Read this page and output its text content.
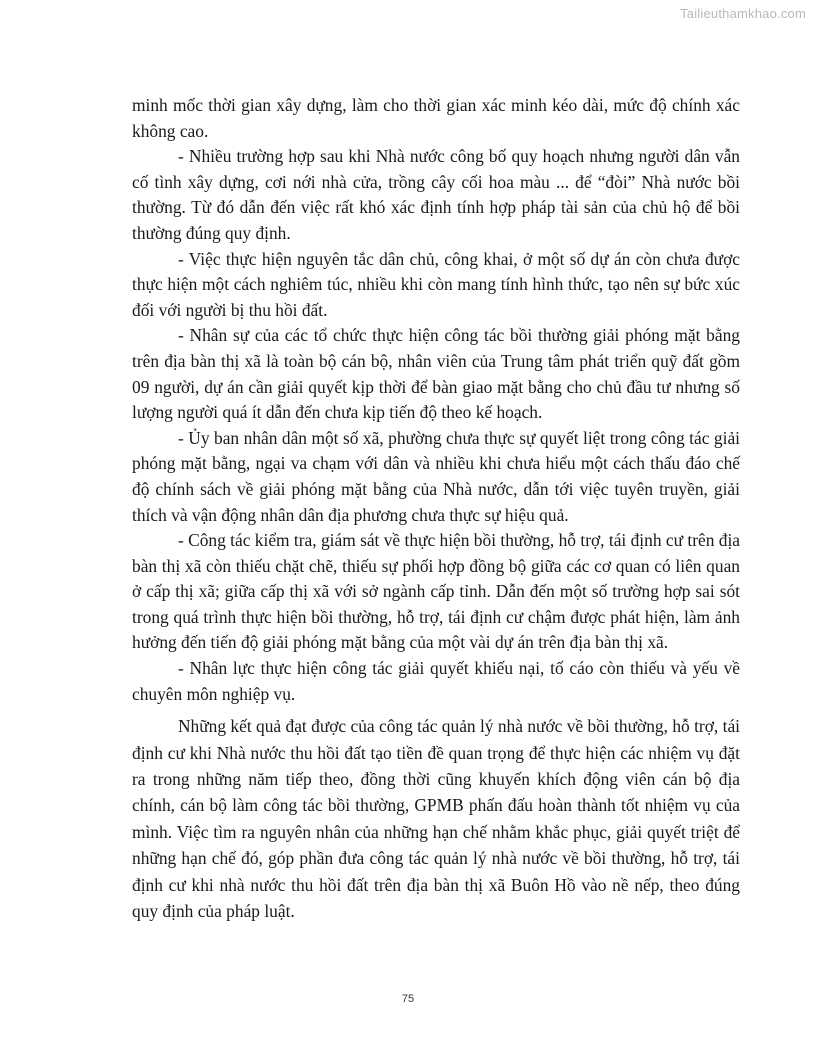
Tailieuthamkhao.com

minh mốc thời gian xây dựng, làm cho thời gian xác minh kéo dài, mức độ chính xác không cao.

- Nhiều trường hợp sau khi Nhà nước công bố quy hoạch nhưng người dân vẫn cố tình xây dựng, cơi nới nhà cửa, trồng cây cối hoa màu ... để “đòi” Nhà nước bồi thường. Từ đó dẫn đến việc rất khó xác định tính hợp pháp tài sản của chủ hộ để bồi thường đúng quy định.

- Việc thực hiện nguyên tắc dân chủ, công khai, ở một số dự án còn chưa được thực hiện một cách nghiêm túc, nhiều khi còn mang tính hình thức, tạo nên sự bức xúc đối với người bị thu hồi đất.

- Nhân sự của các tổ chức thực hiện công tác bồi thường giải phóng mặt bằng trên địa bàn thị xã là toàn bộ cán bộ, nhân viên của Trung tâm phát triển quỹ đất gồm 09 người, dự án cần giải quyết kịp thời để bàn giao mặt bằng cho chủ đầu tư nhưng số lượng người quá ít dẫn đến chưa kịp tiến độ theo kế hoạch.

- Ủy ban nhân dân một số xã, phường chưa thực sự quyết liệt trong công tác giải phóng mặt bằng, ngại va chạm với dân và nhiều khi chưa hiểu một cách thấu đáo chế độ chính sách về giải phóng mặt bằng của Nhà nước, dẫn tới việc tuyên truyền, giải thích và vận động nhân dân địa phương chưa thực sự hiệu quả.

- Công tác kiểm tra, giám sát về thực hiện bồi thường, hỗ trợ, tái định cư trên địa bàn thị xã còn thiếu chặt chẽ, thiếu sự phối hợp đồng bộ giữa các cơ quan có liên quan ở cấp thị xã; giữa cấp thị xã với sở ngành cấp tỉnh. Dẫn đến một số trường hợp sai sót trong quá trình thực hiện bồi thường, hỗ trợ, tái định cư chậm được phát hiện, làm ảnh hưởng đến tiến độ giải phóng mặt bằng của một vài dự án trên địa bàn thị xã.

- Nhân lực thực hiện công tác giải quyết khiếu nại, tố cáo còn thiếu và yếu về chuyên môn nghiệp vụ.

Những kết quả đạt được của công tác quản lý nhà nước về bồi thường, hỗ trợ, tái định cư khi Nhà nước thu hồi đất tạo tiền đề quan trọng để thực hiện các nhiệm vụ đặt ra trong những năm tiếp theo, đồng thời cũng khuyến khích động viên cán bộ địa chính, cán bộ làm công tác bồi thường, GPMB phấn đấu hoàn thành tốt nhiệm vụ của mình. Việc tìm ra nguyên nhân của những hạn chế nhằm khắc phục, giải quyết triệt để những hạn chế đó, góp phần đưa công tác quản lý nhà nước về bồi thường, hỗ trợ, tái định cư khi nhà nước thu hồi đất trên địa bàn thị xã Buôn Hồ vào nề nếp, theo đúng quy định của pháp luật.

75
